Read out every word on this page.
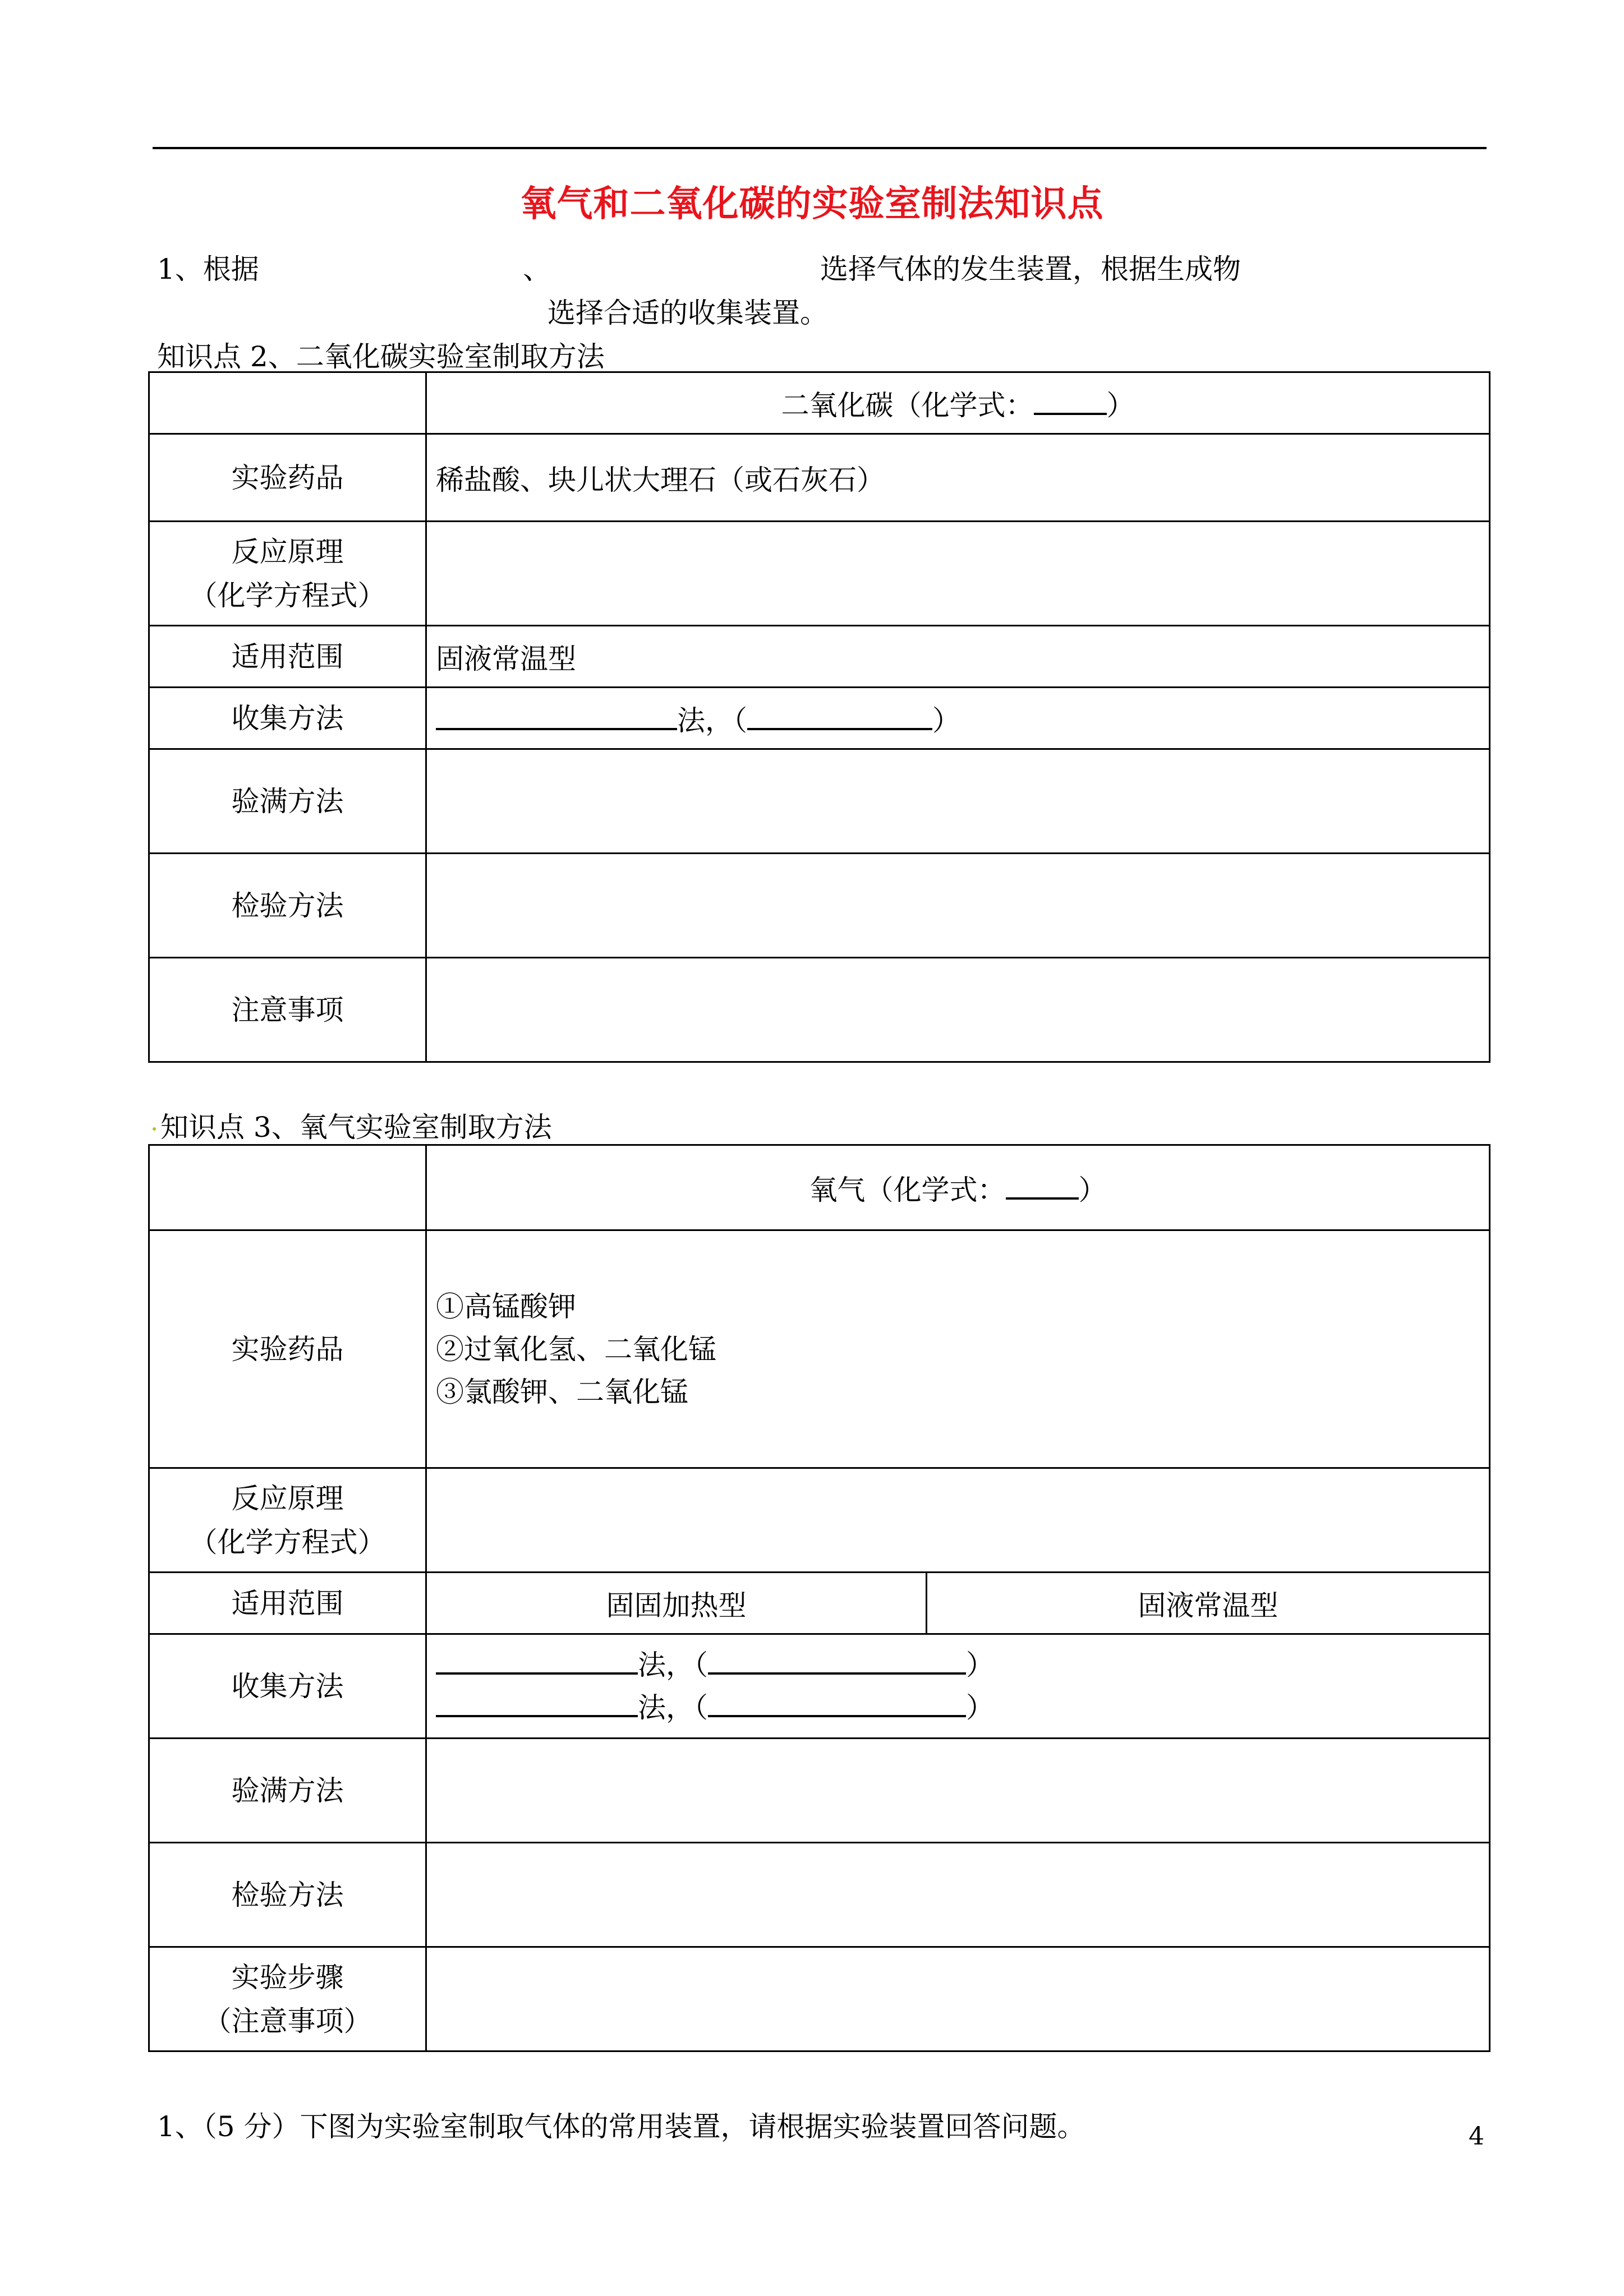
氧气和二氧化碳的实验室制法知识点
1、根据	、	选择气体的发生装置，根据生成物
选择合适的收集装置。
知识点 2、二氧化碳实验室制取方法
	二氧化碳（化学式： ）
实验药品	稀盐酸、块儿状大理石（或石灰石）

反应原理
（化学方程式）	

适用范围	固液常温型
收集方法	法，（ ）
验满方法	
检验方法	
注意事项	
知识点 3、氧气实验室制取方法
	氧气（化学式： ）	
实验药品	①高锰酸钾
②过氧化氢、二氧化锰
③氯酸钾、二氧化锰	

反应原理
（化学方程式）		

适用范围	固固加热型	固液常温型
收集方法	法，（ ）
法，（ ）	

验满方法		
检验方法		

实验步骤
（注意事项）		

1、（5 分）下图为实验室制取气体的常用装置，请根据实验装置回答问题。	4
